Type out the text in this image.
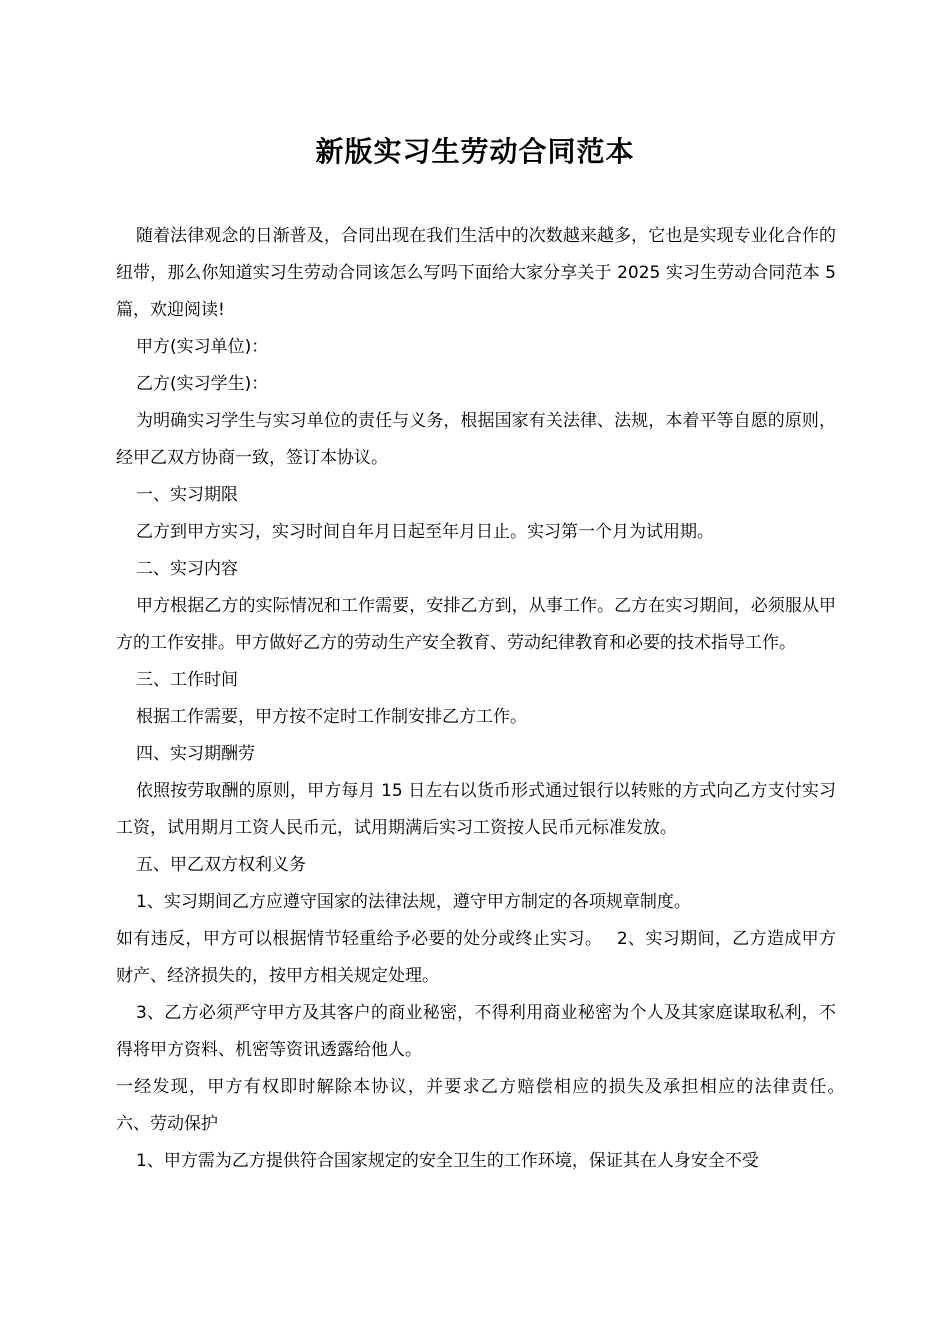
新版实习生劳动合同范本

随着法律观念的日渐普及，合同出现在我们生活中的次数越来越多，它也是实现专业化合作的纽带，那么你知道实习生劳动合同该怎么写吗下面给大家分享关于 2025 实习生劳动合同范本 5 篇，欢迎阅读!

甲方(实习单位)：

乙方(实习学生)：

为明确实习学生与实习单位的责任与义务，根据国家有关法律、法规，本着平等自愿的原则，经甲乙双方协商一致，签订本协议。

一、实习期限

乙方到甲方实习，实习时间自年月日起至年月日止。实习第一个月为试用期。

二、实习内容

甲方根据乙方的实际情况和工作需要，安排乙方到，从事工作。乙方在实习期间，必须服从甲方的工作安排。甲方做好乙方的劳动生产安全教育、劳动纪律教育和必要的技术指导工作。

三、工作时间

根据工作需要，甲方按不定时工作制安排乙方工作。

四、实习期酬劳

依照按劳取酬的原则，甲方每月 15 日左右以货币形式通过银行以转账的方式向乙方支付实习工资，试用期月工资人民币元，试用期满后实习工资按人民币元标准发放。

五、甲乙双方权利义务

1、实习期间乙方应遵守国家的法律法规，遵守甲方制定的各项规章制度。

如有违反，甲方可以根据情节轻重给予必要的处分或终止实习。　 2、实习期间，乙方造成甲方财产、经济损失的，按甲方相关规定处理。

3、乙方必须严守甲方及其客户的商业秘密，不得利用商业秘密为个人及其家庭谋取私利，不得将甲方资料、机密等资讯透露给他人。

一经发现，甲方有权即时解除本协议，并要求乙方赔偿相应的损失及承担相应的法律责任。　 六、劳动保护

1、甲方需为乙方提供符合国家规定的安全卫生的工作环境，保证其在人身安全不受
